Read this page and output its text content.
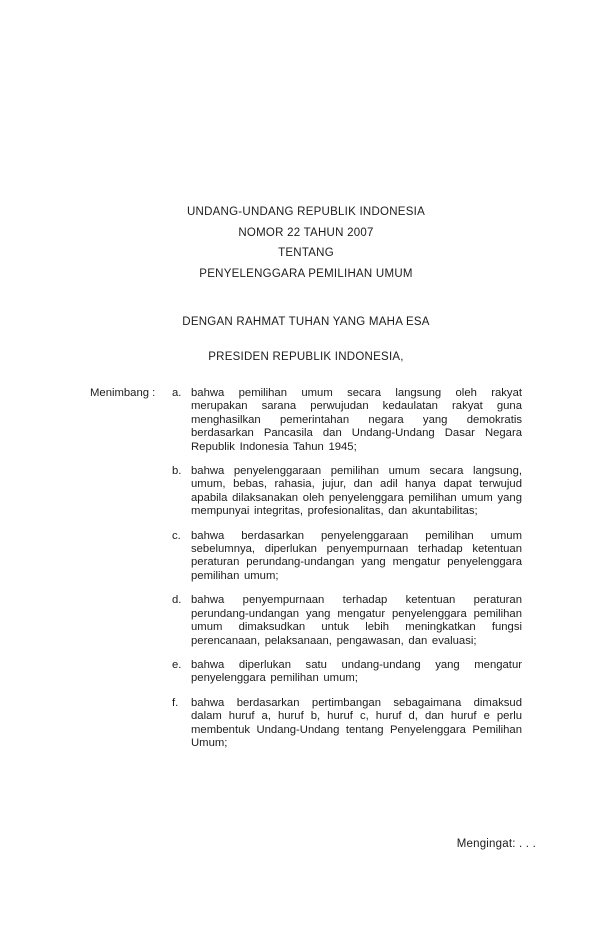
UNDANG-UNDANG REPUBLIK INDONESIA
NOMOR 22 TAHUN 2007
TENTANG
PENYELENGGARA PEMILIHAN UMUM
DENGAN RAHMAT TUHAN YANG MAHA ESA
PRESIDEN REPUBLIK INDONESIA,
Menimbang :	a. bahwa pemilihan umum secara langsung oleh rakyat merupakan sarana perwujudan kedaulatan rakyat guna menghasilkan pemerintahan negara yang demokratis berdasarkan Pancasila dan Undang-Undang Dasar Negara Republik Indonesia Tahun 1945;

b. bahwa penyelenggaraan pemilihan umum secara langsung, umum, bebas, rahasia, jujur, dan adil hanya dapat terwujud apabila dilaksanakan oleh penyelenggara pemilihan umum yang mempunyai integritas, profesionalitas, dan akuntabilitas;

c. bahwa berdasarkan penyelenggaraan pemilihan umum sebelumnya, diperlukan penyempurnaan terhadap ketentuan peraturan perundang-undangan yang mengatur penyelenggara pemilihan umum;

d. bahwa penyempurnaan terhadap ketentuan peraturan perundang-undangan yang mengatur penyelenggara pemilihan umum dimaksudkan untuk lebih meningkatkan fungsi perencanaan, pelaksanaan, pengawasan, dan evaluasi;

e. bahwa diperlukan satu undang-undang yang mengatur penyelenggara pemilihan umum;

f.	bahwa berdasarkan pertimbangan sebagaimana dimaksud dalam huruf a, huruf b, huruf c, huruf d, dan huruf e perlu membentuk Undang-Undang tentang Penyelenggara Pemilihan Umum;

Mengingat: . . .
